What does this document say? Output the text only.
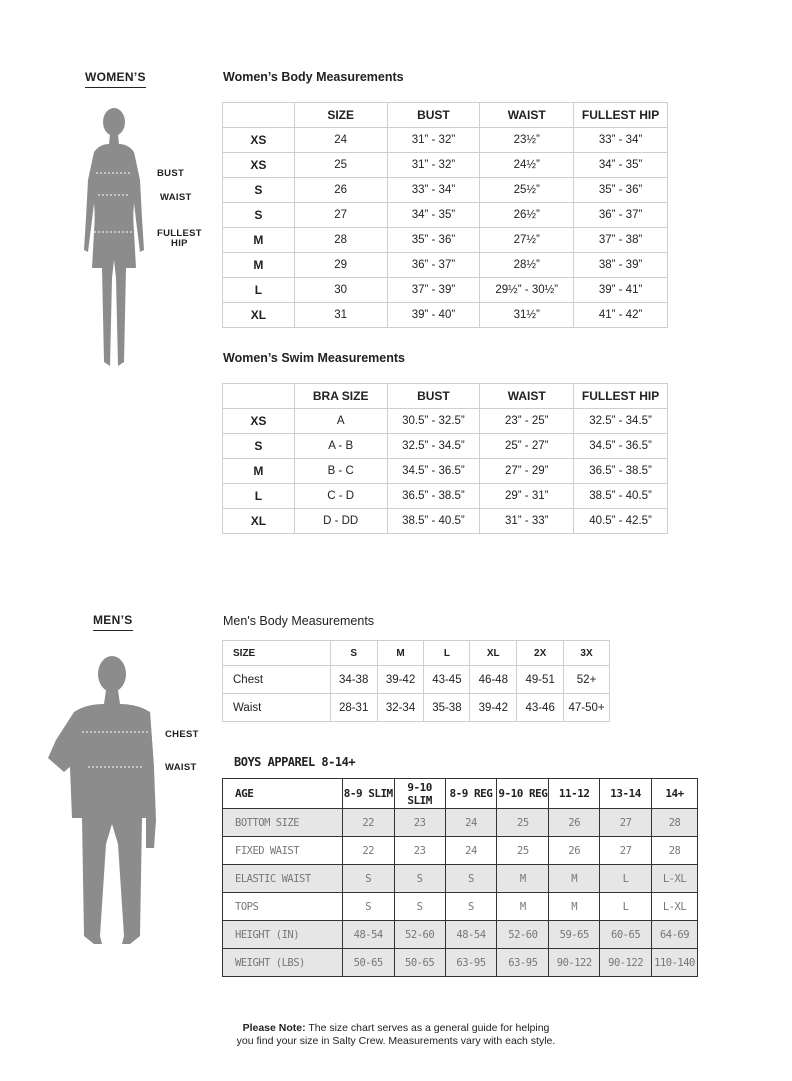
WOMEN’S
BUST
WAIST
FULLEST
HIP
Women’s Body Measurements
	SIZE	BUST	WAIST	FULLEST HIP
XS	24	31” - 32”	23½”	33” - 34”
XS	25	31” - 32”	24½”	34” - 35”
S	26	33” - 34”	25½”	35” - 36”
S	27	34” - 35”	26½”	36” - 37”
M	28	35” - 36”	27½”	37” - 38”
M	29	36” - 37”	28½”	38” - 39”
L	30	37” - 39”	29½” - 30½”	39” - 41”
XL	31	39” - 40”	31½”	41” - 42”
Women’s Swim Measurements
	BRA SIZE	BUST	WAIST	FULLEST HIP
XS	A	30.5” - 32.5”	23” - 25”	32.5” - 34.5”
S	A - B	32.5” - 34.5”	25” - 27”	34.5” - 36.5”
M	B - C	34.5” - 36.5”	27” - 29”	36.5” - 38.5”
L	C - D	36.5” - 38.5”	29” - 31”	38.5” - 40.5”
XL	D - DD	38.5” - 40.5”	31” - 33”	40.5” - 42.5”
MEN’S
CHEST
WAIST
Men's Body Measurements
SIZE	S	M	L	XL	2X	3X
Chest	34-38	39-42	43-45	46-48	49-51	52+
Waist	28-31	32-34	35-38	39-42	43-46	47-50+
BOYS APPAREL 8-14+
AGE	8-9 SLIM	9-10 SLIM	8-9 REG	9-10 REG	11-12	13-14	14+
BOTTOM SIZE	22	23	24	25	26	27	28
FIXED WAIST	22	23	24	25	26	27	28
ELASTIC WAIST	S	S	S	M	M	L	L-XL
TOPS	S	S	S	M	M	L	L-XL
HEIGHT (IN)	48-54	52-60	48-54	52-60	59-65	60-65	64-69
WEIGHT (LBS)	50-65	50-65	63-95	63-95	90-122	90-122	110-140
Please Note: The size chart serves as a general guide for helping
you find your size in Salty Crew. Measurements vary with each style.
